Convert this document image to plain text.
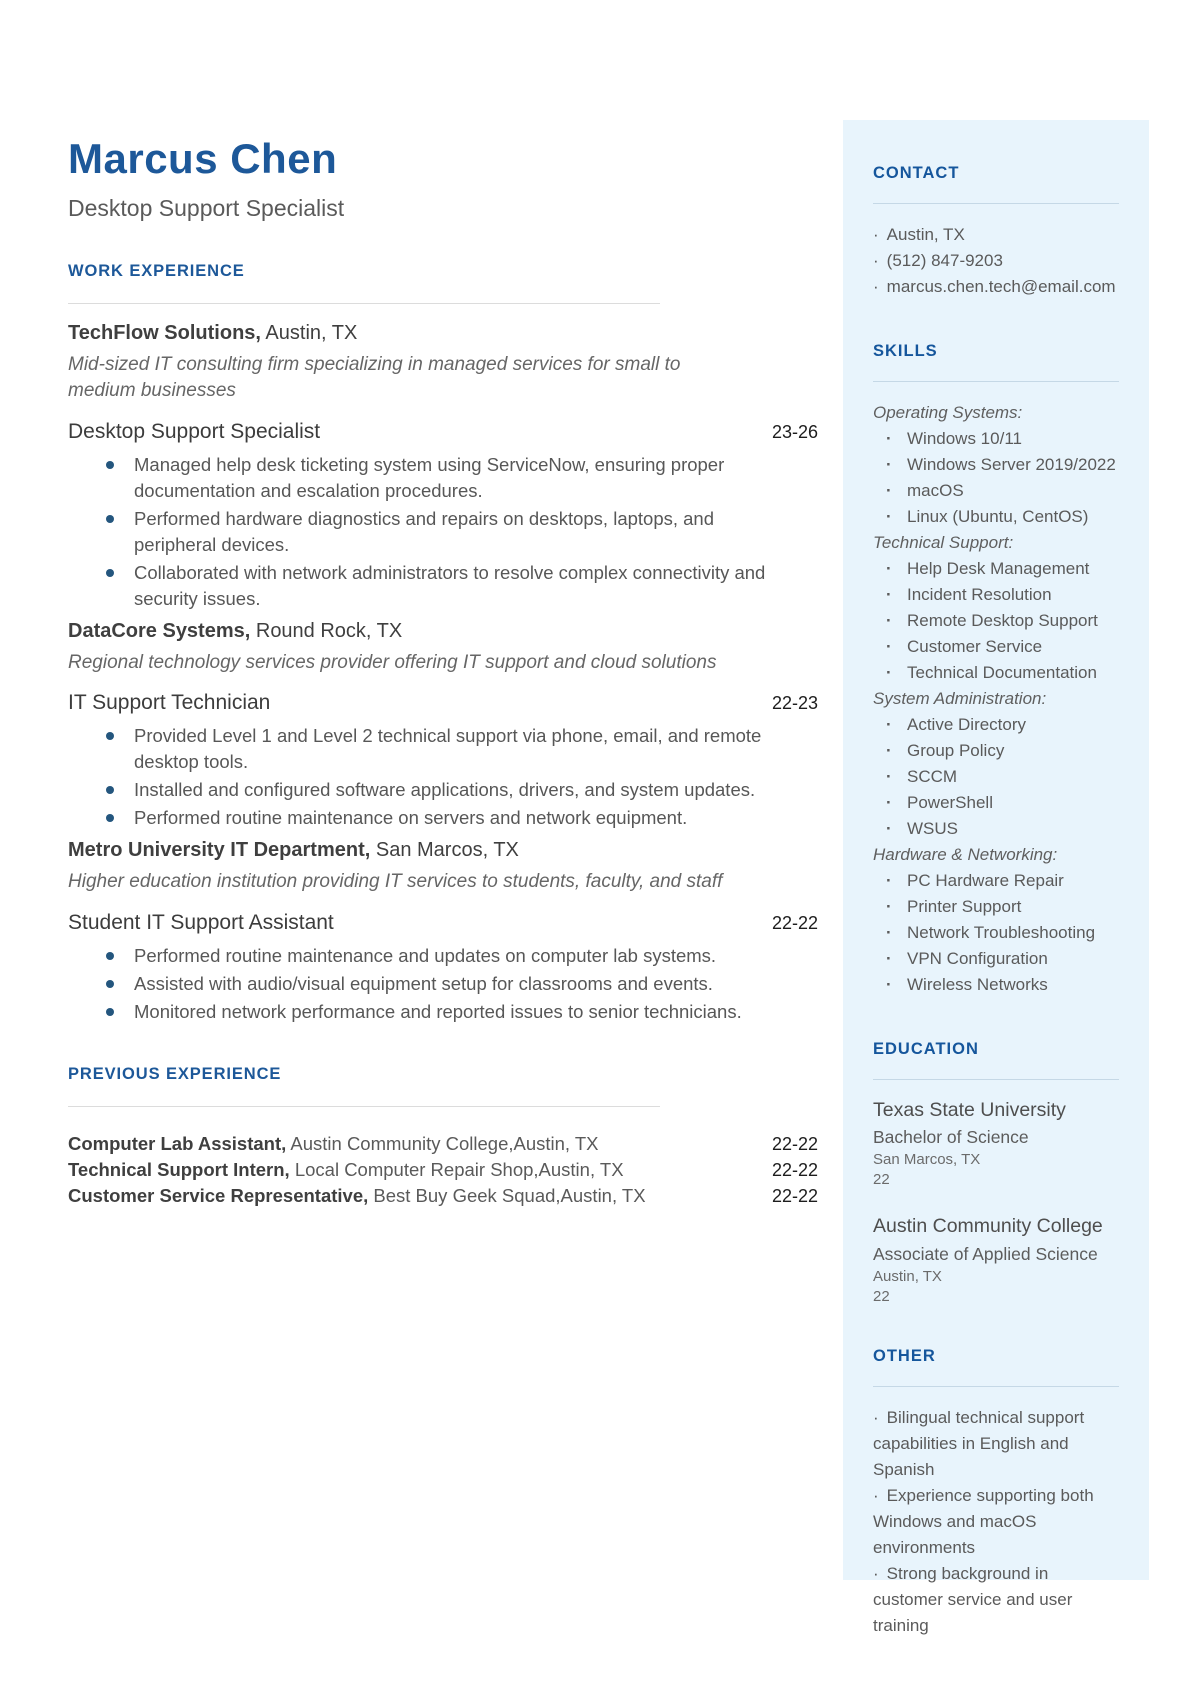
Marcus Chen
Desktop Support Specialist
WORK EXPERIENCE
TechFlow Solutions, Austin, TX
Mid-sized IT consulting firm specializing in managed services for small to medium businesses
Desktop Support Specialist	23-26
Managed help desk ticketing system using ServiceNow, ensuring proper documentation and escalation procedures.
Performed hardware diagnostics and repairs on desktops, laptops, and peripheral devices.
Collaborated with network administrators to resolve complex connectivity and security issues.
DataCore Systems, Round Rock, TX
Regional technology services provider offering IT support and cloud solutions
IT Support Technician	22-23
Provided Level 1 and Level 2 technical support via phone, email, and remote desktop tools.
Installed and configured software applications, drivers, and system updates.
Performed routine maintenance on servers and network equipment.
Metro University IT Department, San Marcos, TX
Higher education institution providing IT services to students, faculty, and staff
Student IT Support Assistant	22-22
Performed routine maintenance and updates on computer lab systems.
Assisted with audio/visual equipment setup for classrooms and events.
Monitored network performance and reported issues to senior technicians.
PREVIOUS EXPERIENCE
Computer Lab Assistant, Austin Community College,Austin, TX	22-22
Technical Support Intern, Local Computer Repair Shop,Austin, TX	22-22
Customer Service Representative, Best Buy Geek Squad,Austin, TX	22-22
CONTACT
· Austin, TX
· (512) 847-9203
· marcus.chen.tech@email.com
SKILLS
Operating Systems:
· Windows 10/11
· Windows Server 2019/2022
· macOS
· Linux (Ubuntu, CentOS)
Technical Support:
· Help Desk Management
· Incident Resolution
· Remote Desktop Support
· Customer Service
· Technical Documentation
System Administration:
· Active Directory
· Group Policy
· SCCM
· PowerShell
· WSUS
Hardware & Networking:
· PC Hardware Repair
· Printer Support
· Network Troubleshooting
· VPN Configuration
· Wireless Networks
EDUCATION
Texas State University
Bachelor of Science
San Marcos, TX
22
Austin Community College
Associate of Applied Science
Austin, TX
22
OTHER
· Bilingual technical support capabilities in English and Spanish
· Experience supporting both Windows and macOS environments
· Strong background in customer service and user training
